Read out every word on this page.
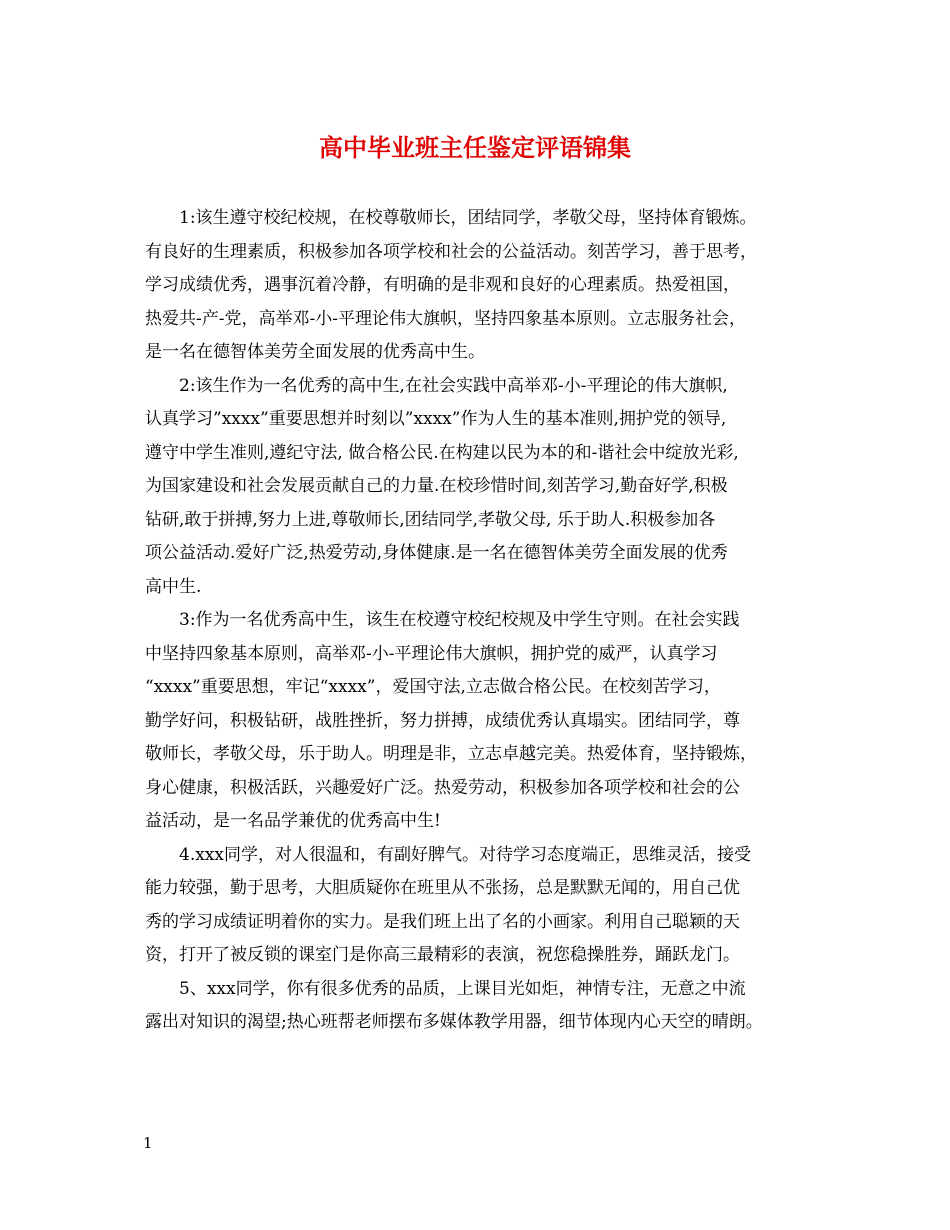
高中毕业班主任鉴定评语锦集
1:该生遵守校纪校规，在校尊敬师长，团结同学，孝敬父母，坚持体育锻炼。
有良好的生理素质，积极参加各项学校和社会的公益活动。刻苦学习，善于思考，
学习成绩优秀，遇事沉着冷静，有明确的是非观和良好的心理素质。热爱祖国，
热爱共-产-党，高举邓-小-平理论伟大旗帜，坚持四象基本原则。立志服务社会，
是一名在德智体美劳全面发展的优秀高中生。
2:该生作为一名优秀的高中生,在社会实践中高举邓-小-平理论的伟大旗帜,
认真学习”xxxx”重要思想并时刻以”xxxx”作为人生的基本准则,拥护党的领导,
遵守中学生准则,遵纪守法, 做合格公民.在构建以民为本的和-谐社会中绽放光彩,
为国家建设和社会发展贡献自己的力量.在校珍惜时间,刻苦学习,勤奋好学,积极
钻研,敢于拼搏,努力上进,尊敬师长,团结同学,孝敬父母, 乐于助人.积极参加各
项公益活动.爱好广泛,热爱劳动,身体健康.是一名在德智体美劳全面发展的优秀
高中生.
3:作为一名优秀高中生，该生在校遵守校纪校规及中学生守则。在社会实践
中坚持四象基本原则，高举邓-小-平理论伟大旗帜，拥护党的威严，认真学习
“xxxx”重要思想，牢记“xxxx”，爱国守法,立志做合格公民。在校刻苦学习，
勤学好问，积极钻研，战胜挫折，努力拼搏，成绩优秀认真塌实。团结同学，尊
敬师长，孝敬父母，乐于助人。明理是非，立志卓越完美。热爱体育，坚持锻炼，
身心健康，积极活跃，兴趣爱好广泛。热爱劳动，积极参加各项学校和社会的公
益活动，是一名品学兼优的优秀高中生!
4.xxx同学，对人很温和，有副好脾气。对待学习态度端正，思维灵活，接受
能力较强，勤于思考，大胆质疑你在班里从不张扬，总是默默无闻的，用自己优
秀的学习成绩证明着你的实力。是我们班上出了名的小画家。利用自己聪颖的天
资，打开了被反锁的课室门是你高三最精彩的表演，祝您稳操胜券，踊跃龙门。
5、xxx同学，你有很多优秀的品质，上课目光如炬，神情专注，无意之中流
露出对知识的渴望;热心班帮老师摆布多媒体教学用器，细节体现内心天空的晴朗。
1
